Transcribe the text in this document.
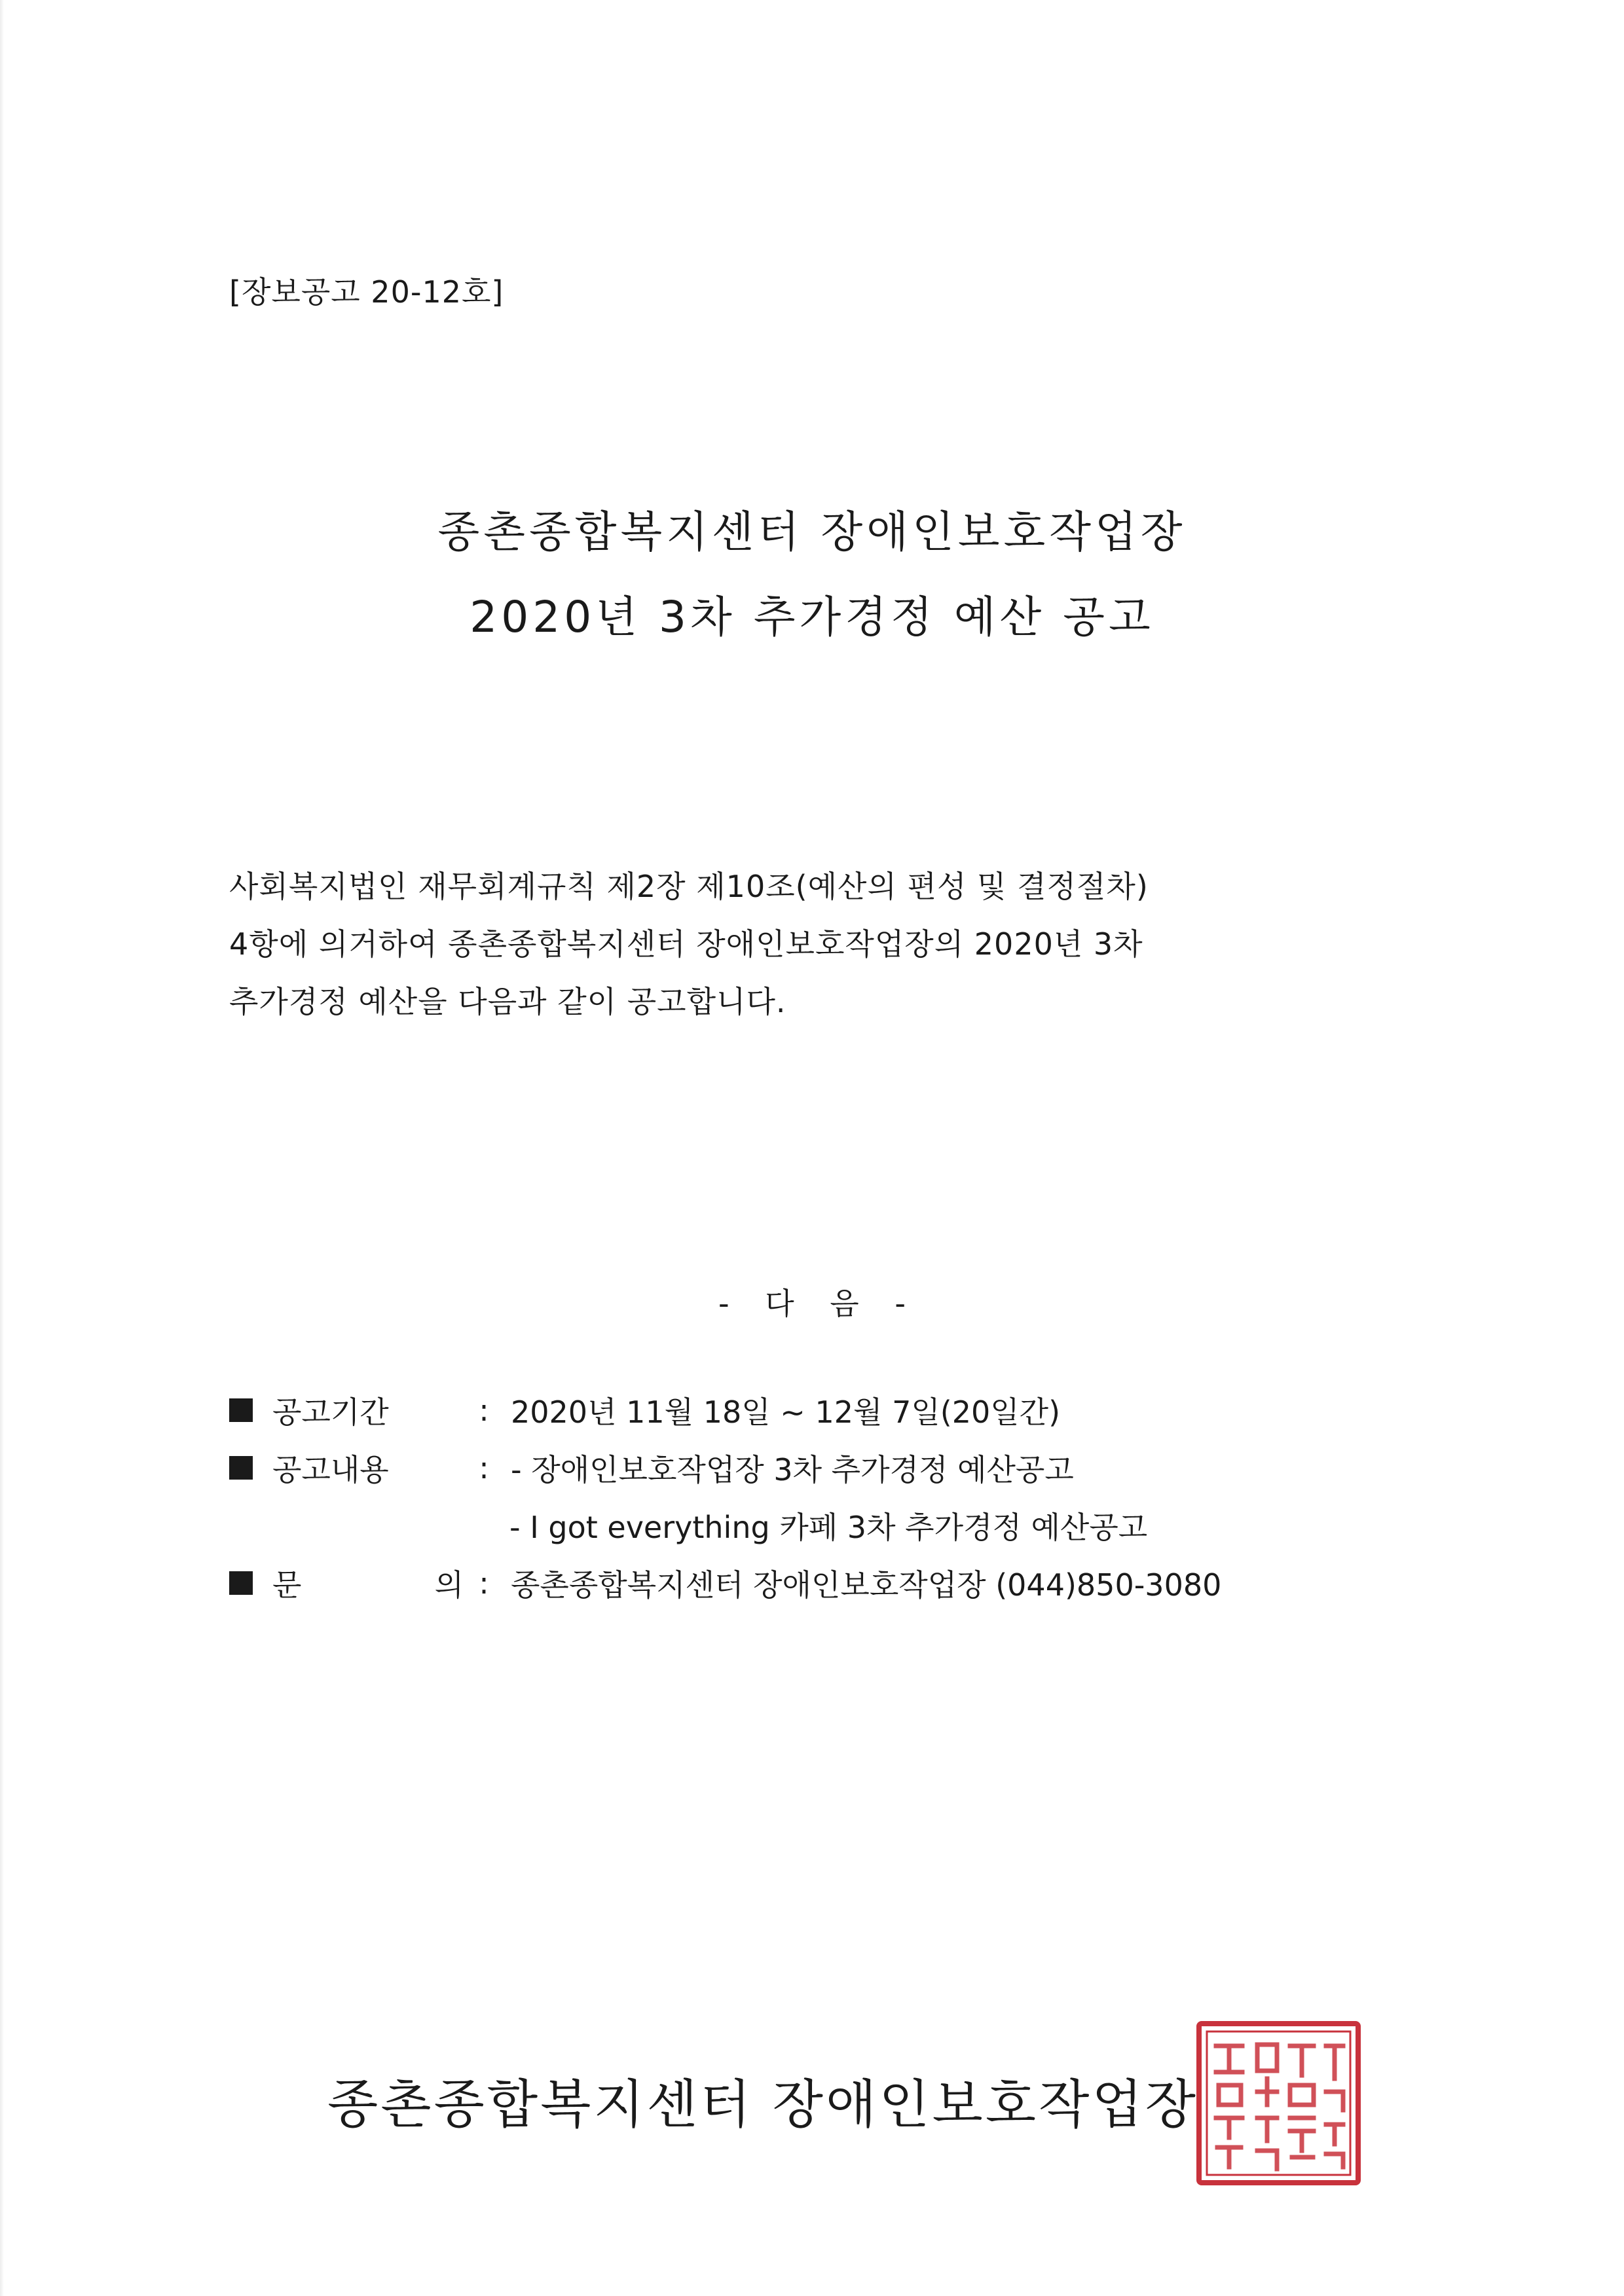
[장보공고 20-12호]
종촌종합복지센터 장애인보호작업장
2020년 3차 추가경정 예산 공고
사회복지법인 재무회계규칙 제2장 제10조(예산의 편성 및 결정절차)
4항에 의거하여 종촌종합복지센터 장애인보호작업장의 2020년 3차
추가경정 예산을 다음과 같이 공고합니다.
- 다 음 -
공고기간	: 2020년 11월 18일 ~ 12월 7일(20일간)
공고내용	: - 장애인보호작업장 3차 추가경정 예산공고
- I got everything 카페 3차 추가경정 예산공고
문	의 : 종촌종합복지센터 장애인보호작업장 (044)850-3080
종촌종합복지센터 장애인보호작업장
